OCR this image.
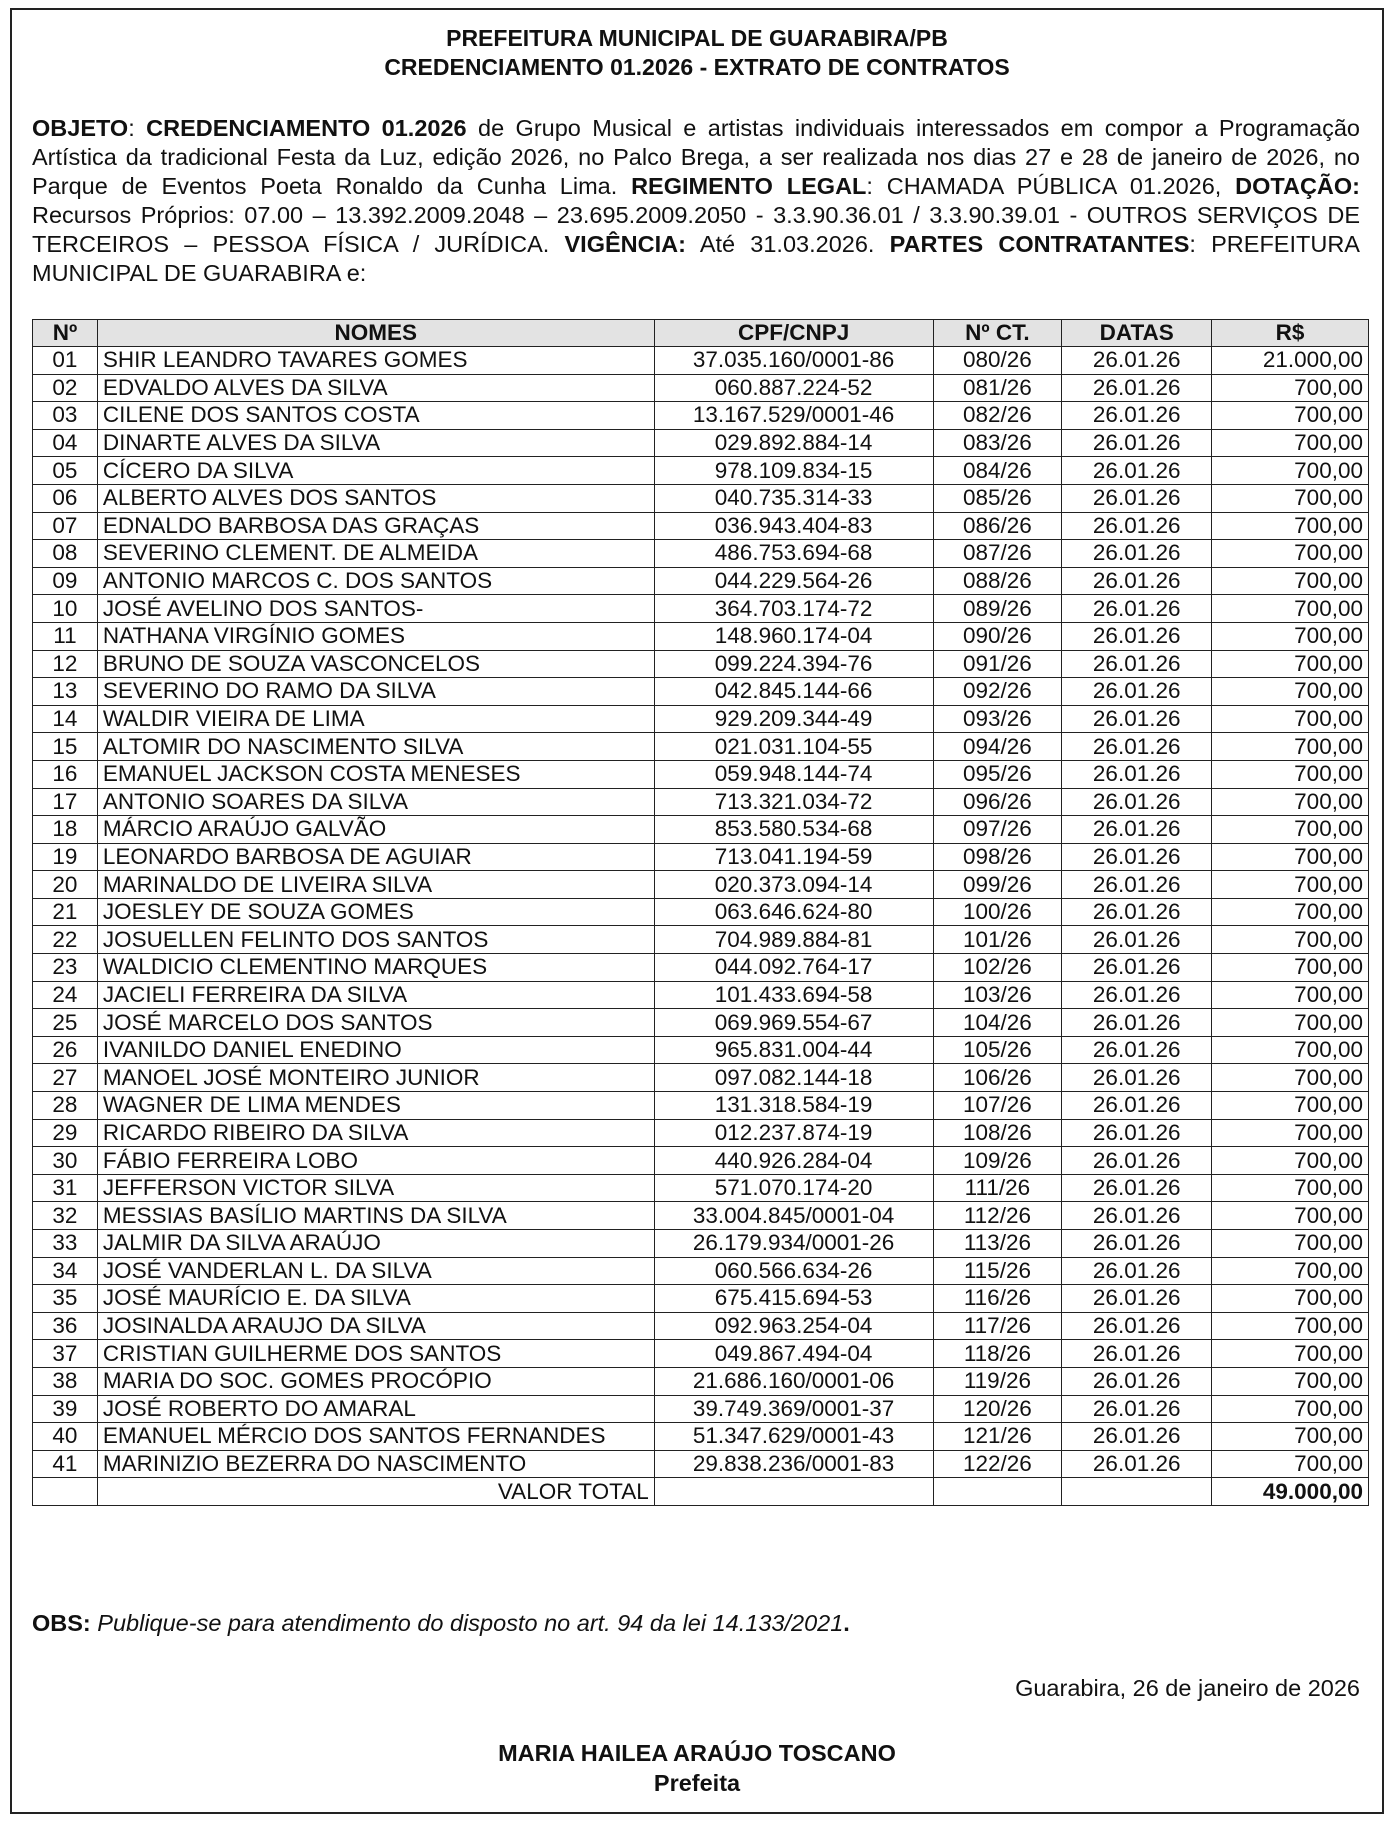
PREFEITURA MUNICIPAL DE GUARABIRA/PB
CREDENCIAMENTO 01.2026 - EXTRATO DE CONTRATOS
OBJETO: CREDENCIAMENTO 01.2026 de Grupo Musical e artistas individuais interessados em compor a Programação Artística da tradicional Festa da Luz, edição 2026, no Palco Brega, a ser realizada nos dias 27 e 28 de janeiro de 2026, no Parque de Eventos Poeta Ronaldo da Cunha Lima. REGIMENTO LEGAL: CHAMADA PÚBLICA 01.2026, DOTAÇÃO: Recursos Próprios: 07.00 – 13.392.2009.2048 – 23.695.2009.2050 - 3.3.90.36.01 / 3.3.90.39.01 - OUTROS SERVIÇOS DE TERCEIROS – PESSOA FÍSICA / JURÍDICA. VIGÊNCIA: Até 31.03.2026. PARTES CONTRATANTES: PREFEITURA MUNICIPAL DE GUARABIRA e:
Nº	NOMES	CPF/CNPJ	Nº CT.	DATAS	R$
01	SHIR LEANDRO TAVARES GOMES	37.035.160/0001-86	080/26	26.01.26	21.000,00
02	EDVALDO ALVES DA SILVA	060.887.224-52	081/26	26.01.26	700,00
03	CILENE DOS SANTOS COSTA	13.167.529/0001-46	082/26	26.01.26	700,00
04	DINARTE ALVES DA SILVA	029.892.884-14	083/26	26.01.26	700,00
05	CÍCERO DA SILVA	978.109.834-15	084/26	26.01.26	700,00
06	ALBERTO ALVES DOS SANTOS	040.735.314-33	085/26	26.01.26	700,00
07	EDNALDO BARBOSA DAS GRAÇAS	036.943.404-83	086/26	26.01.26	700,00
08	SEVERINO CLEMENT. DE ALMEIDA	486.753.694-68	087/26	26.01.26	700,00
09	ANTONIO MARCOS C. DOS SANTOS	044.229.564-26	088/26	26.01.26	700,00
10	JOSÉ AVELINO DOS SANTOS-	364.703.174-72	089/26	26.01.26	700,00
11	NATHANA VIRGÍNIO GOMES	148.960.174-04	090/26	26.01.26	700,00
12	BRUNO DE SOUZA VASCONCELOS	099.224.394-76	091/26	26.01.26	700,00
13	SEVERINO DO RAMO DA SILVA	042.845.144-66	092/26	26.01.26	700,00
14	WALDIR VIEIRA DE LIMA	929.209.344-49	093/26	26.01.26	700,00
15	ALTOMIR DO NASCIMENTO SILVA	021.031.104-55	094/26	26.01.26	700,00
16	EMANUEL JACKSON COSTA MENESES	059.948.144-74	095/26	26.01.26	700,00
17	ANTONIO SOARES DA SILVA	713.321.034-72	096/26	26.01.26	700,00
18	MÁRCIO ARAÚJO GALVÃO	853.580.534-68	097/26	26.01.26	700,00
19	LEONARDO BARBOSA DE AGUIAR	713.041.194-59	098/26	26.01.26	700,00
20	MARINALDO DE LIVEIRA SILVA	020.373.094-14	099/26	26.01.26	700,00
21	JOESLEY DE SOUZA GOMES	063.646.624-80	100/26	26.01.26	700,00
22	JOSUELLEN FELINTO DOS SANTOS	704.989.884-81	101/26	26.01.26	700,00
23	WALDICIO CLEMENTINO MARQUES	044.092.764-17	102/26	26.01.26	700,00
24	JACIELI FERREIRA DA SILVA	101.433.694-58	103/26	26.01.26	700,00
25	JOSÉ MARCELO DOS SANTOS	069.969.554-67	104/26	26.01.26	700,00
26	IVANILDO DANIEL ENEDINO	965.831.004-44	105/26	26.01.26	700,00
27	MANOEL JOSÉ MONTEIRO JUNIOR	097.082.144-18	106/26	26.01.26	700,00
28	WAGNER DE LIMA MENDES	131.318.584-19	107/26	26.01.26	700,00
29	RICARDO RIBEIRO DA SILVA	012.237.874-19	108/26	26.01.26	700,00
30	FÁBIO FERREIRA LOBO	440.926.284-04	109/26	26.01.26	700,00
31	JEFFERSON VICTOR SILVA	571.070.174-20	111/26	26.01.26	700,00
32	MESSIAS BASÍLIO MARTINS DA SILVA	33.004.845/0001-04	112/26	26.01.26	700,00
33	JALMIR DA SILVA ARAÚJO	26.179.934/0001-26	113/26	26.01.26	700,00
34	JOSÉ VANDERLAN L. DA SILVA	060.566.634-26	115/26	26.01.26	700,00
35	JOSÉ MAURÍCIO E. DA SILVA	675.415.694-53	116/26	26.01.26	700,00
36	JOSINALDA ARAUJO DA SILVA	092.963.254-04	117/26	26.01.26	700,00
37	CRISTIAN GUILHERME DOS SANTOS	049.867.494-04	118/26	26.01.26	700,00
38	MARIA DO SOC. GOMES PROCÓPIO	21.686.160/0001-06	119/26	26.01.26	700,00
39	JOSÉ ROBERTO DO AMARAL	39.749.369/0001-37	120/26	26.01.26	700,00
40	EMANUEL MÉRCIO DOS SANTOS FERNANDES	51.347.629/0001-43	121/26	26.01.26	700,00
41	MARINIZIO BEZERRA DO NASCIMENTO	29.838.236/0001-83	122/26	26.01.26	700,00
	VALOR TOTAL				49.000,00
OBS: Publique-se para atendimento do disposto no art. 94 da lei 14.133/2021.
Guarabira, 26 de janeiro de 2026
MARIA HAILEA ARAÚJO TOSCANO
Prefeita
